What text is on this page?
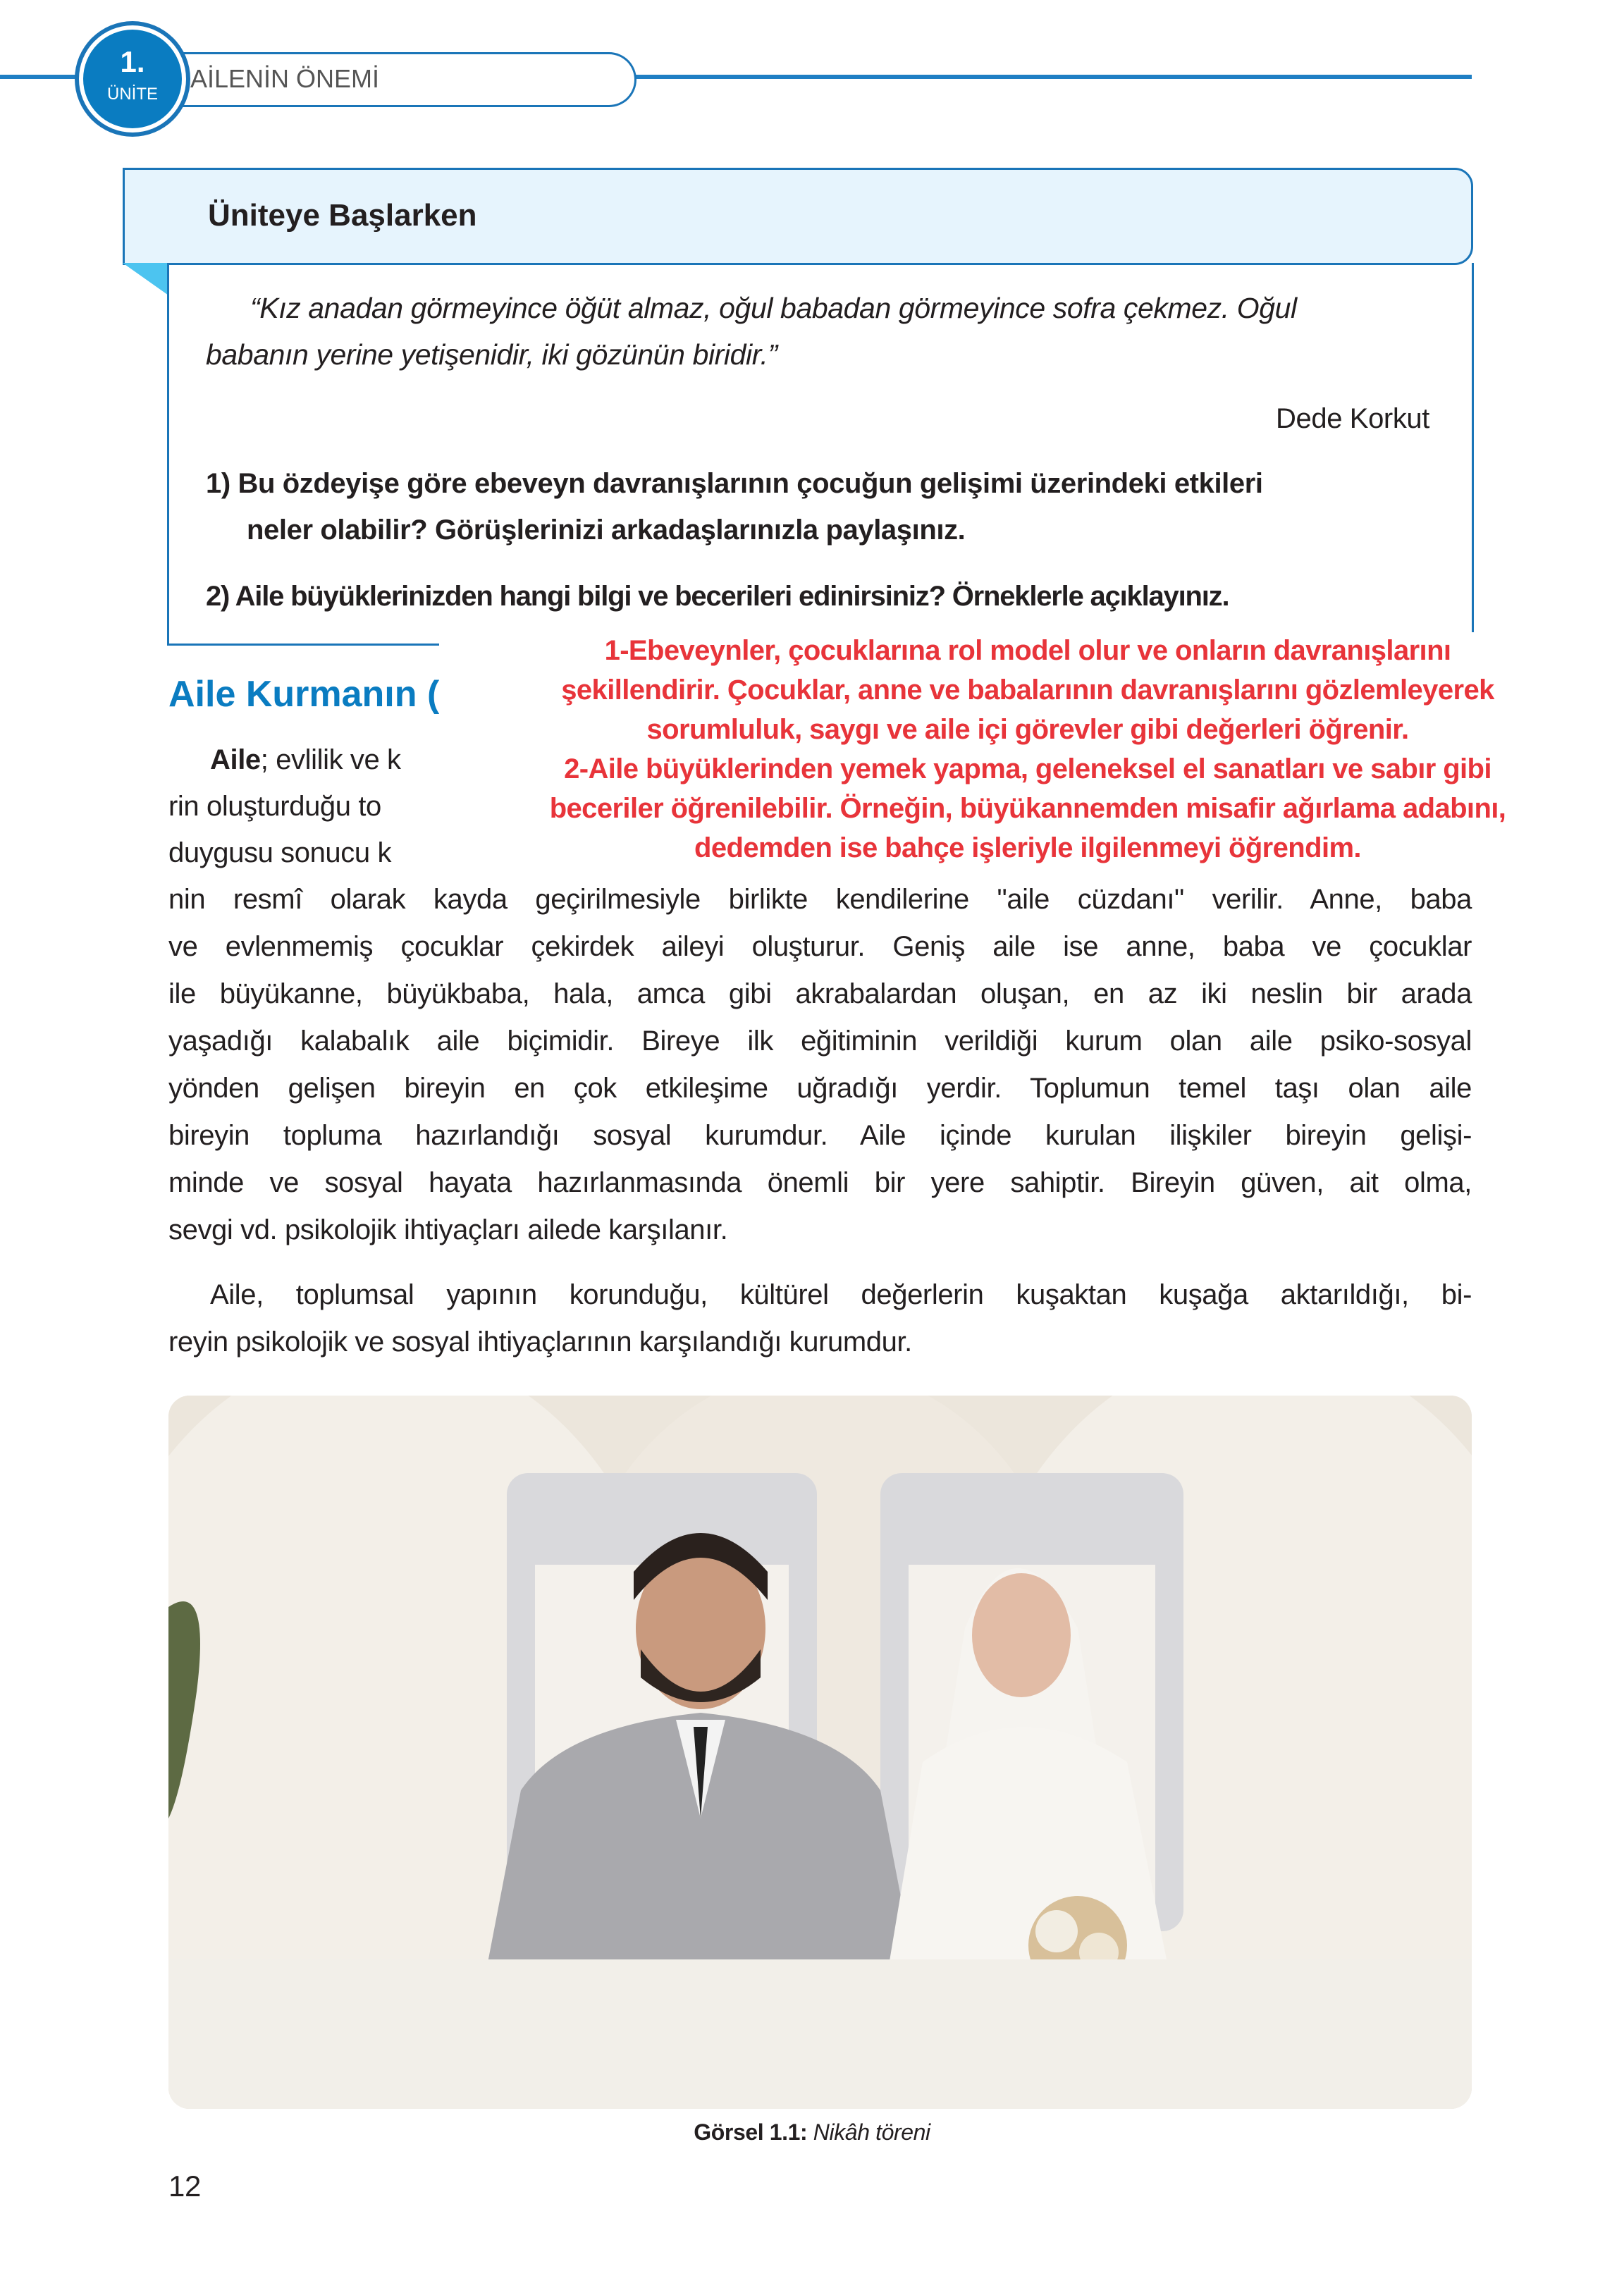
AİLENİN ÖNEMİ
1.
ÜNİTE
Üniteye Başlarken
“Kız anadan görmeyince öğüt almaz, oğul babadan görmeyince sofra çekmez. Oğul
babanın yerine yetişenidir, iki gözünün biridir.”
Dede Korkut
1) Bu özdeyişe göre ebeveyn davranışlarının çocuğun gelişimi üzerindeki etkileri
neler olabilir? Görüşlerinizi arkadaşlarınızla paylaşınız.
2) Aile büyüklerinizden hangi bilgi ve becerileri edinirsiniz? Örneklerle açıklayınız.
Aile Kurmanın (
Aile; evlilik ve k
rin oluşturduğu to
duygusu sonucu k
1-Ebeveynler, çocuklarına rol model olur ve onların davranışlarını
şekillendirir. Çocuklar, anne ve babalarının davranışlarını gözlemleyerek
sorumluluk, saygı ve aile içi görevler gibi değerleri öğrenir.
2-Aile büyüklerinden yemek yapma, geleneksel el sanatları ve sabır gibi
beceriler öğrenilebilir. Örneğin, büyükannemden misafir ağırlama adabını,
dedemden ise bahçe işleriyle ilgilenmeyi öğrendim.
nin resmî olarak kayda geçirilmesiyle birlikte kendilerine "aile cüzdanı" verilir. Anne, baba
ve evlenmemiş çocuklar çekirdek aileyi oluşturur. Geniş aile ise anne, baba ve çocuklar
ile büyükanne, büyükbaba, hala, amca gibi akrabalardan oluşan, en az iki neslin bir arada
yaşadığı kalabalık aile biçimidir. Bireye ilk eğitiminin verildiği kurum olan aile psiko-sosyal
yönden gelişen bireyin en çok etkileşime uğradığı yerdir. Toplumun temel taşı olan aile
bireyin topluma hazırlandığı sosyal kurumdur. Aile içinde kurulan ilişkiler bireyin gelişi-
minde ve sosyal hayata hazırlanmasında önemli bir yere sahiptir. Bireyin güven, ait olma,
sevgi vd. psikolojik ihtiyaçları ailede karşılanır.
Aile, toplumsal yapının korunduğu, kültürel değerlerin kuşaktan kuşağa aktarıldığı, bi-
reyin psikolojik ve sosyal ihtiyaçlarının karşılandığı kurumdur.
Görsel 1.1: Nikâh töreni
12
